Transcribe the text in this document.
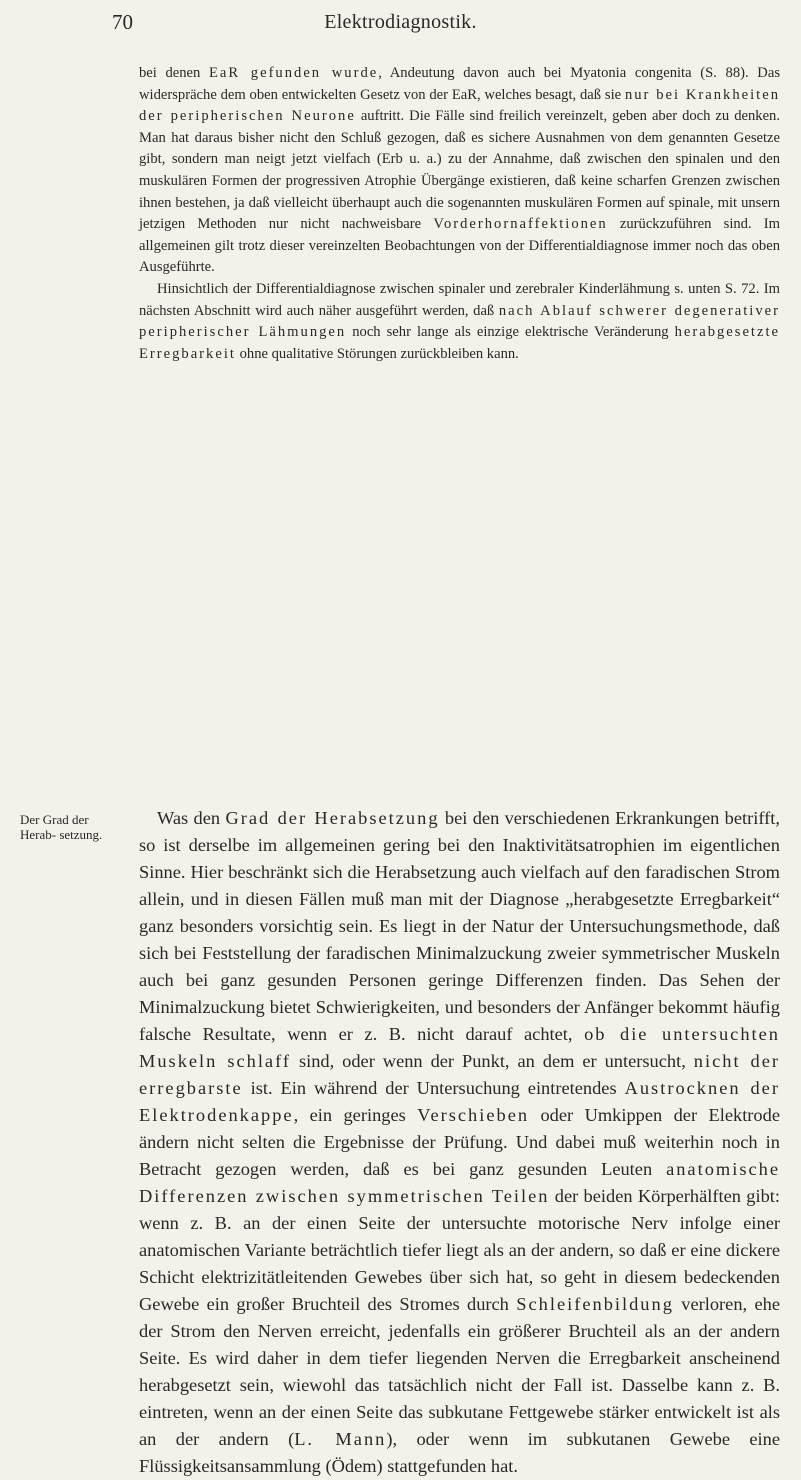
70	Elektrodiagnostik.
Der Grad der Herab- setzung.

bei denen EaR gefunden wurde, Andeutung davon auch bei Myatonia congenita (S. 88). Das widerspräche dem oben entwickelten Gesetz von der EaR, welches besagt, daß sie nur bei Krankheiten der peripherischen Neurone auftritt. Die Fälle sind freilich vereinzelt, geben aber doch zu denken. Man hat daraus bisher nicht den Schluß gezogen, daß es sichere Ausnahmen von dem genannten Gesetze gibt, sondern man neigt jetzt vielfach (Erb u. a.) zu der Annahme, daß zwischen den spinalen und den muskulären Formen der progressiven Atrophie Übergänge existieren, daß keine scharfen Grenzen zwischen ihnen bestehen, ja daß vielleicht überhaupt auch die sogenannten muskulären Formen auf spinale, mit unsern jetzigen Methoden nur nicht nachweisbare Vorderhornaffektionen zurückzuführen sind. Im allgemeinen gilt trotz dieser vereinzelten Beobachtungen von der Differentialdiagnose immer noch das oben Ausgeführte.

Hinsichtlich der Differentialdiagnose zwischen spinaler und zerebraler Kinderlähmung s. unten S. 72. Im nächsten Abschnitt wird auch näher ausgeführt werden, daß nach Ablauf schwerer degenerativer peripherischer Lähmungen noch sehr lange als einzige elektrische Veränderung herabgesetzte Erregbarkeit ohne qualitative Störungen zurückbleiben kann.

Was den Grad der Herabsetzung bei den verschiedenen Erkrankungen betrifft, so ist derselbe im allgemeinen gering bei den Inaktivitätsatrophien im eigentlichen Sinne. Hier beschränkt sich die Herabsetzung auch vielfach auf den faradischen Strom allein, und in diesen Fällen muß man mit der Diagnose „herabgesetzte Erregbarkeit“ ganz besonders vorsichtig sein. Es liegt in der Natur der Untersuchungsmethode, daß sich bei Feststellung der faradischen Minimalzuckung zweier symmetrischer Muskeln auch bei ganz gesunden Personen geringe Differenzen finden. Das Sehen der Minimalzuckung bietet Schwierigkeiten, und besonders der Anfänger bekommt häufig falsche Resultate, wenn er z. B. nicht darauf achtet, ob die untersuchten Muskeln schlaff sind, oder wenn der Punkt, an dem er untersucht, nicht der erregbarste ist. Ein während der Untersuchung eintretendes Austrocknen der Elektrodenkappe, ein geringes Verschieben oder Umkippen der Elektrode ändern nicht selten die Ergebnisse der Prüfung. Und dabei muß weiterhin noch in Betracht gezogen werden, daß es bei ganz gesunden Leuten anatomische Differenzen zwischen symmetrischen Teilen der beiden Körperhälften gibt: wenn z. B. an der einen Seite der untersuchte motorische Nerv infolge einer anatomischen Variante beträchtlich tiefer liegt als an der andern, so daß er eine dickere Schicht elektrizitätleitenden Gewebes über sich hat, so geht in diesem bedeckenden Gewebe ein großer Bruchteil des Stromes durch Schleifenbildung verloren, ehe der Strom den Nerven erreicht, jedenfalls ein größerer Bruchteil als an der andern Seite. Es wird daher in dem tiefer liegenden Nerven die Erregbarkeit anscheinend herabgesetzt sein, wiewohl das tatsächlich nicht der Fall ist. Dasselbe kann z. B. eintreten, wenn an der einen Seite das subkutane Fettgewebe stärker entwickelt ist als an der andern (L. Mann), oder wenn im subkutanen Gewebe eine Flüssigkeitsansammlung (Ödem) stattgefunden hat.
